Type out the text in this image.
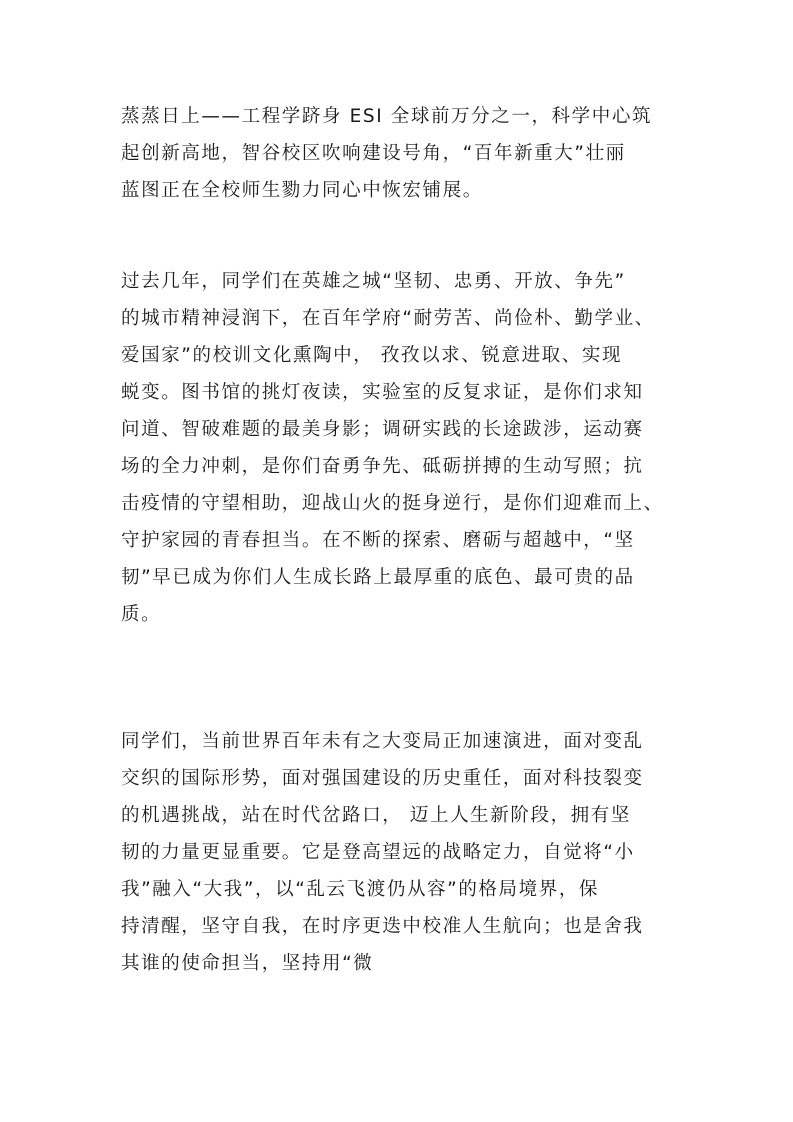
蒸蒸日上——工程学跻身 ESI 全球前万分之一，科学中心筑
起创新高地，智谷校区吹响建设号角，“百年新重大”壮丽
蓝图正在全校师生勠力同心中恢宏铺展。
过去几年，同学们在英雄之城“坚韧、忠勇、开放、争先”
的城市精神浸润下，在百年学府“耐劳苦、尚俭朴、勤学业、
爱国家”的校训文化熏陶中， 孜孜以求、锐意进取、实现
蜕变。图书馆的挑灯夜读，实验室的反复求证，是你们求知
问道、智破难题的最美身影；调研实践的长途跋涉，运动赛
场的全力冲刺，是你们奋勇争先、砥砺拼搏的生动写照；抗
击疫情的守望相助，迎战山火的挺身逆行，是你们迎难而上、
守护家园的青春担当。在不断的探索、磨砺与超越中，“坚
韧”早已成为你们人生成长路上最厚重的底色、最可贵的品
质。
同学们，当前世界百年未有之大变局正加速演进，面对变乱
交织的国际形势，面对强国建设的历史重任，面对科技裂变
的机遇挑战，站在时代岔路口， 迈上人生新阶段，拥有坚
韧的力量更显重要。它是登高望远的战略定力，自觉将“小
我”融入“大我”，以“乱云飞渡仍从容”的格局境界，保
持清醒，坚守自我，在时序更迭中校准人生航向；也是舍我
其谁的使命担当，坚持用“微
